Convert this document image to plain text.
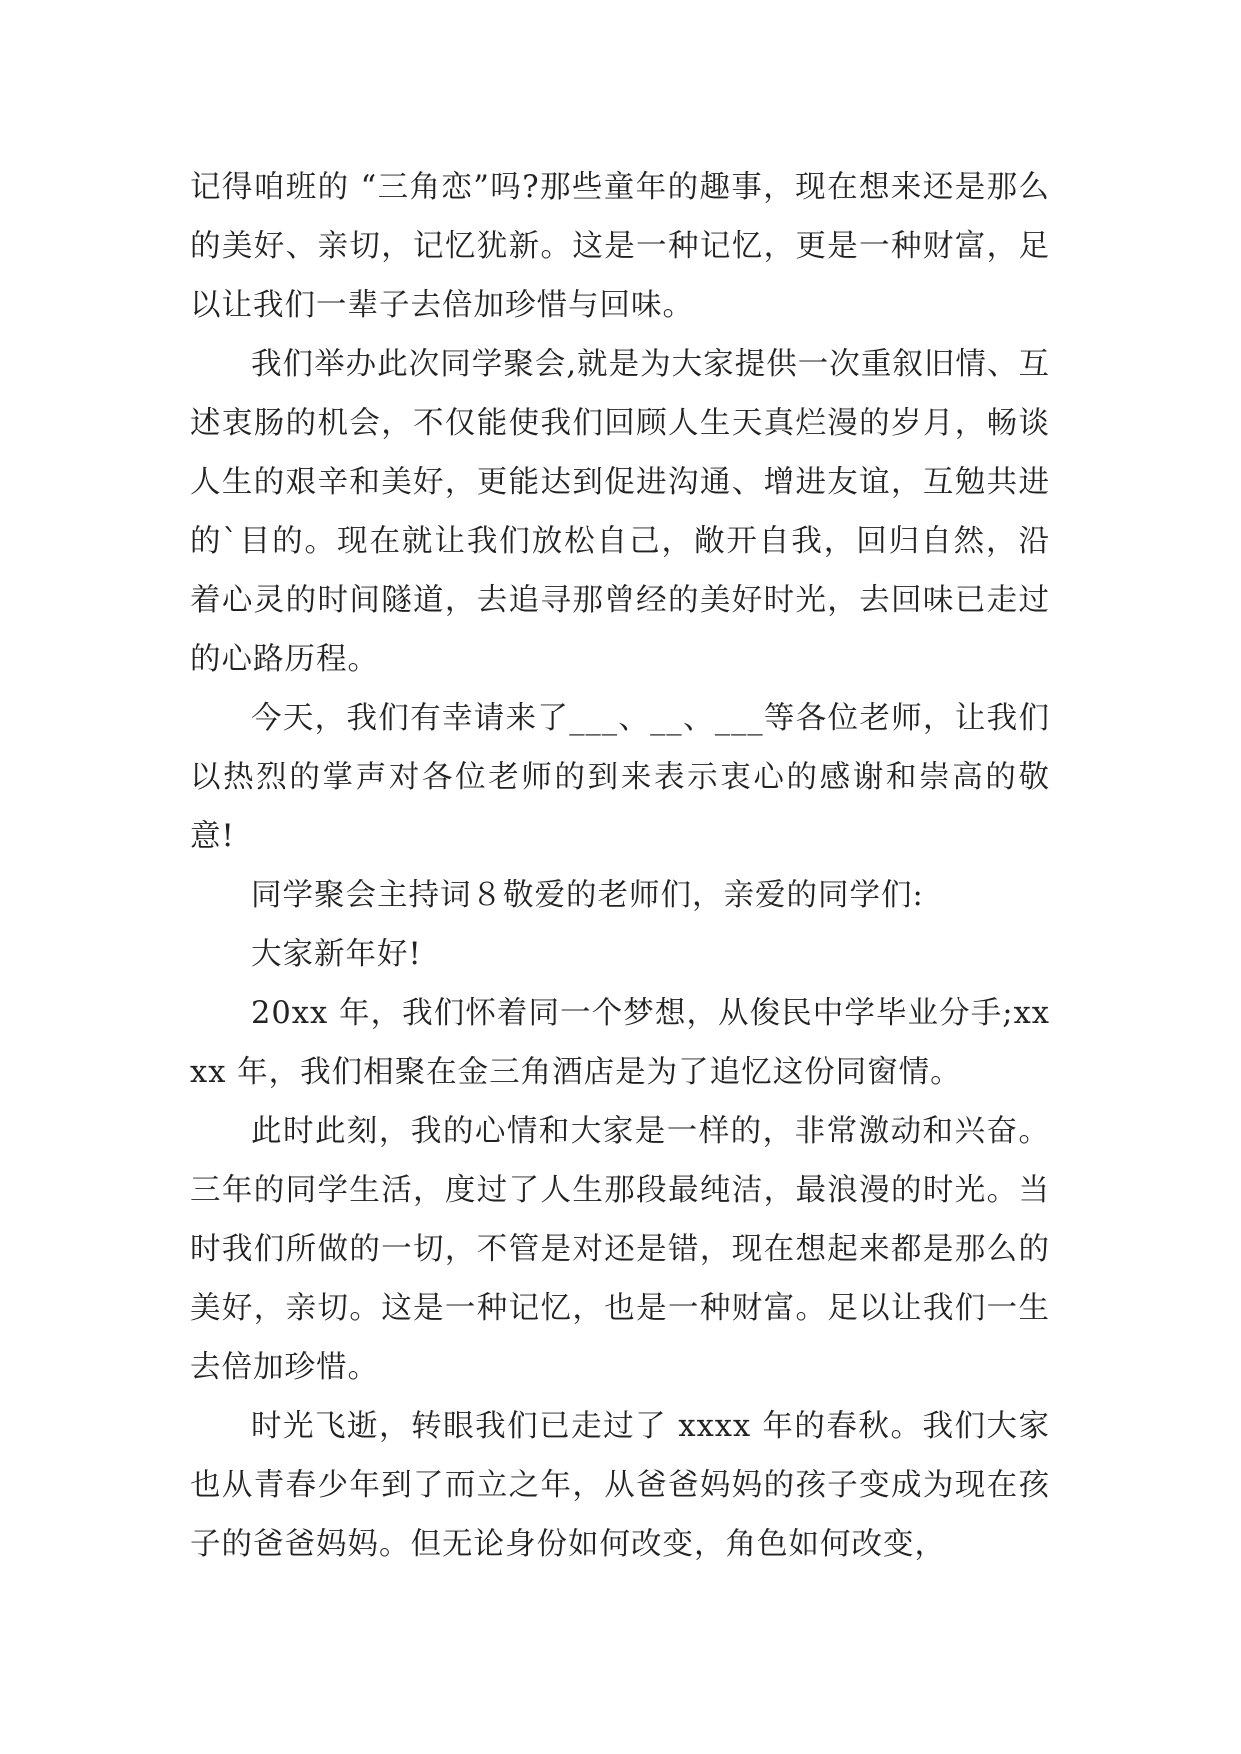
记得咱班的 “三角恋”吗?那些童年的趣事，现在想来还是那么的美好、亲切，记忆犹新。这是一种记忆，更是一种财富，足以让我们一辈子去倍加珍惜与回味。

我们举办此次同学聚会,就是为大家提供一次重叙旧情、互述衷肠的机会，不仅能使我们回顾人生天真烂漫的岁月，畅谈人生的艰辛和美好，更能达到促进沟通、增进友谊，互勉共进的`目的。现在就让我们放松自己，敞开自我，回归自然，沿着心灵的时间隧道，去追寻那曾经的美好时光，去回味已走过的心路历程。

今天，我们有幸请来了___、__、___等各位老师，让我们以热烈的掌声对各位老师的到来表示衷心的感谢和崇高的敬意!

同学聚会主持词８敬爱的老师们，亲爱的同学们:

大家新年好!

20xx 年，我们怀着同一个梦想，从俊民中学毕业分手;xxxx 年，我们相聚在金三角酒店是为了追忆这份同窗情。

此时此刻，我的心情和大家是一样的，非常激动和兴奋。三年的同学生活，度过了人生那段最纯洁，最浪漫的时光。当时我们所做的一切，不管是对还是错，现在想起来都是那么的美好，亲切。这是一种记忆，也是一种财富。足以让我们一生去倍加珍惜。

时光飞逝，转眼我们已走过了 xxxx 年的春秋。我们大家也从青春少年到了而立之年，从爸爸妈妈的孩子变成为现在孩子的爸爸妈妈。但无论身份如何改变，角色如何改变，
